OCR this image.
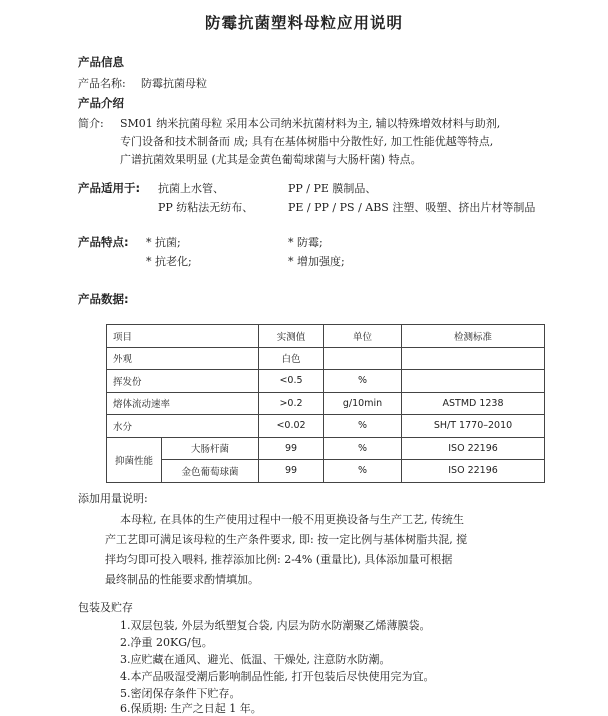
防霉抗菌塑料母粒应用说明
产品信息
产品名称: 防霉抗菌母粒
产品介绍
简介: SM01 纳米抗菌母粒 采用本公司纳米抗菌材料为主, 辅以特殊增效材料与助剂,
专门设备和技术制备而 成; 具有在基体树脂中分散性好, 加工性能优越等特点,
广谱抗菌效果明显 (尤其是金黄色葡萄球菌与大肠杆菌) 特点。
产品适用于: 抗菌上水管、	PP / PE 膜制品、
PP 纺粘法无纺布、	PE / PP / PS / ABS 注塑、吸塑、挤出片材等制品
产品特点: * 抗菌;	* 防霉;
* 抗老化;	* 增加强度;
产品数据:
项目		实测值	单位	检测标准
外观		白色		
挥发份		<0.5	%	
熔体流动速率		>0.2	g/10min	ASTMD 1238
水分		<0.02	%	SH/T 1770–2010
抑菌性能	大肠杆菌	99	%	ISO 22196
	金色葡萄球菌	99	%	ISO 22196
添加用量说明:
本母粒, 在具体的生产使用过程中一般不用更换设备与生产工艺, 传统生
产工艺即可满足该母粒的生产条件要求, 即: 按一定比例与基体树脂共混, 搅
拌均匀即可投入喂料, 推荐添加比例: 2-4% (重量比), 具体添加量可根据
最终制品的性能要求酌情填加。
包装及贮存
1.双层包装, 外层为纸塑复合袋, 内层为防水防潮聚乙烯薄膜袋。
2.净重 20KG/包。
3.应贮藏在通风、避光、低温、干燥处, 注意防水防潮。
4.本产品吸湿受潮后影响制品性能, 打开包装后尽快使用完为宜。
5.密闭保存条件下贮存。
6.保质期: 生产之日起 1 年。
